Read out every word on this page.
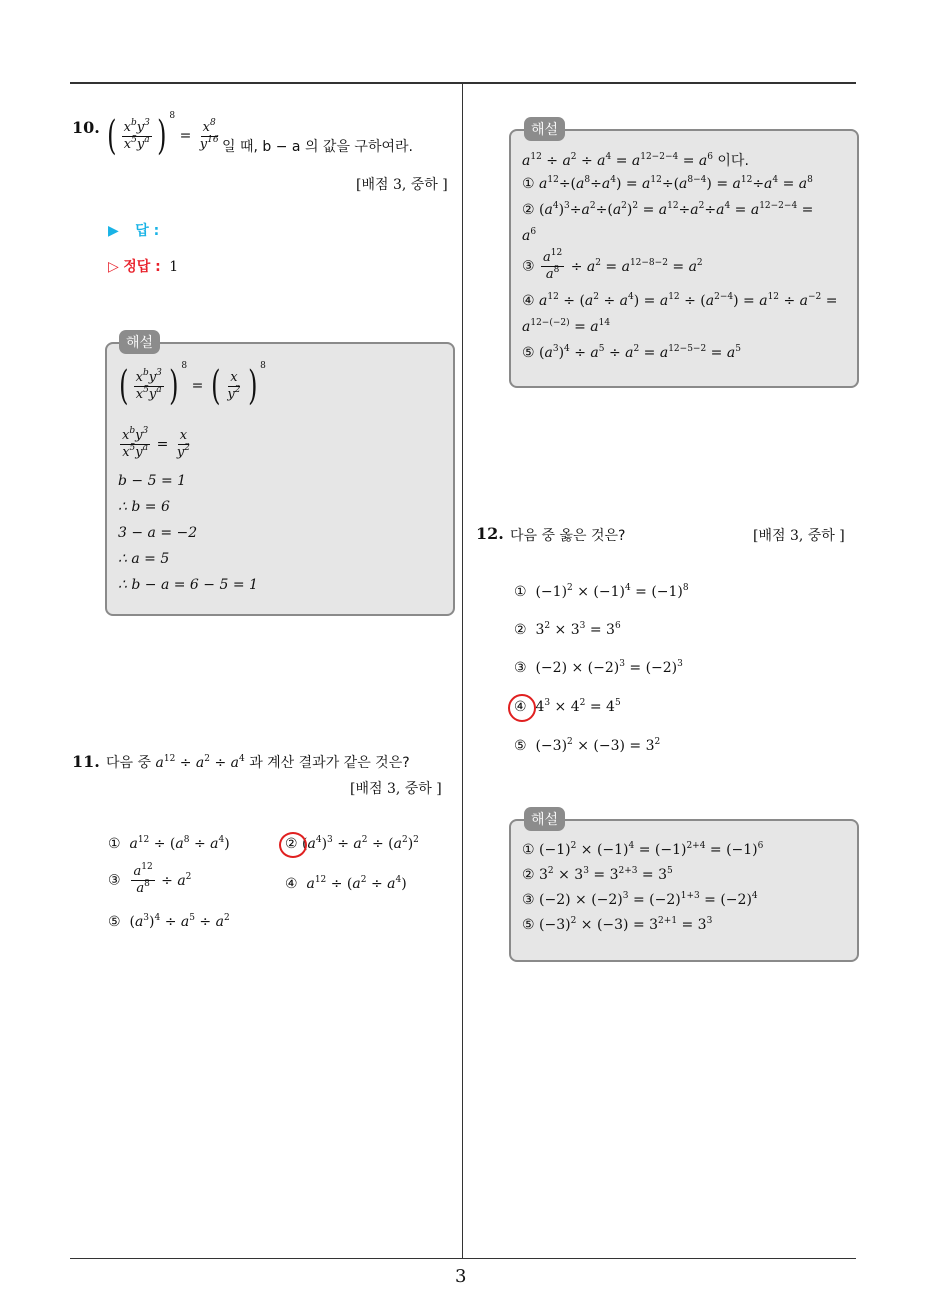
3
10. ( $\frac{x^by^3}{x^5y^a}$ ) $^8 = \frac{x^8}{y^{16}}$ 일 때, b − a 의 값을 구하여라.
[배점 3, 중하 ]
▶ 답 :
▷ 정답 : 1
해설
( $\frac{x^by^3}{x^5y^a}$ ) $^8$ = ( $\frac{x}{y^2}$ ) $^8$
$\frac{x^by^3}{x^5y^a} = \frac{x}{y^2}$
b − 5 = 1
∴ b = 6
3 − a = −2
∴ a = 5
∴ b − a = 6 − 5 = 1
11. 다음 중 $a^{12} \div a^2 \div a^4$ 과 계산 결과가 같은 것은?
[배점 3, 중하 ]
① $a^{12} \div (a^8 \div a^4)$	② $(a^4)^3 \div a^2 \div (a^2)^2$
③ $\frac{a^{12}}{a^8} \div a^2$	④ $a^{12} \div (a^2 \div a^4)$
⑤ $(a^3)^4 \div a^5 \div a^2$
해설
$a^{12} \div a^2 \div a^4 = a^{12-2-4} = a^6$ 이다.
① $a^{12}\div(a^8\div a^4) = a^{12}\div(a^{8-4}) = a^{12}\div a^4 = a^8$
② $(a^4)^3\div a^2\div(a^2)^2 = a^{12}\div a^2\div a^4 = a^{12-2-4}$ =
$a^6$
③ $\frac{a^{12}}{a^8} \div a^2 = a^{12-8-2} = a^2$
④ $a^{12} \div (a^2 \div a^4) = a^{12} \div (a^{2-4}) = a^{12} \div a^{-2}$ =
$a^{12-(-2)} = a^{14}$
⑤ $(a^3)^4 \div a^5 \div a^2 = a^{12-5-2} = a^5$
12. 다음 중 옳은 것은?	[배점 3, 중하 ]
①  $(-1)^2 \times (-1)^4 = (-1)^8$
②  $3^2 \times 3^3 = 3^6$
③  $(-2) \times (-2)^3 = (-2)^3$
④  $4^3 \times 4^2 = 4^5$
⑤  $(-3)^2 \times (-3) = 3^2$
해설
① $(-1)^2 \times (-1)^4 = (-1)^{2+4} = (-1)^6$
② $3^2 \times 3^3 = 3^{2+3} = 3^5$
③ $(-2) \times (-2)^3 = (-2)^{1+3} = (-2)^4$
⑤ $(-3)^2 \times (-3) = 3^{2+1} = 3^3$
